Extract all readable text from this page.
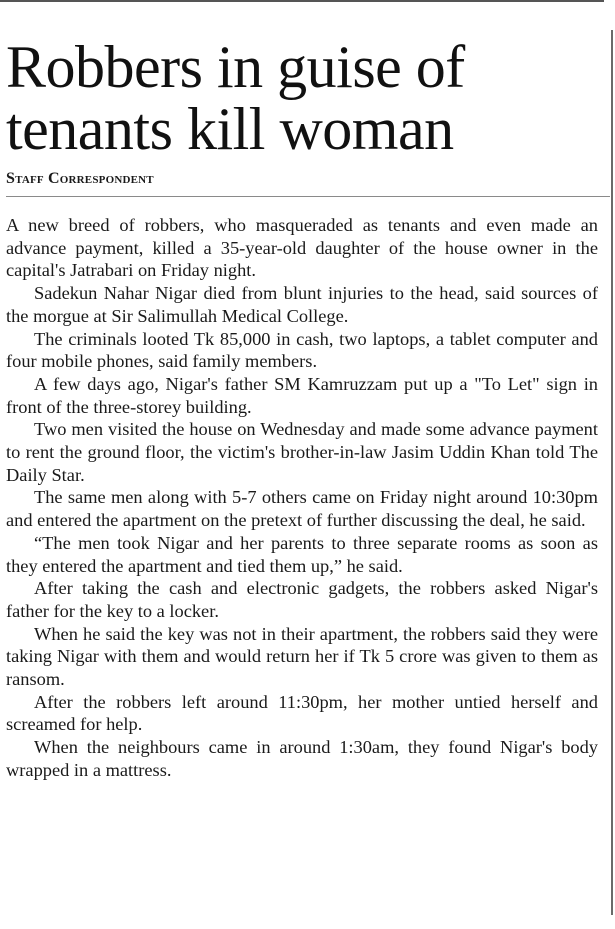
Robbers in guise of
tenants kill woman
Staff Correspondent

A new breed of robbers, who masqueraded as tenants and even made an advance payment, killed a 35-year-old daughter of the house owner in the capital's Jatrabari on Friday night.

Sadekun Nahar Nigar died from blunt injuries to the head, said sources of the morgue at Sir Salimullah Medical College.

The criminals looted Tk 85,000 in cash, two laptops, a tablet computer and four mobile phones, said family members.

A few days ago, Nigar's father SM Kamruzzam put up a "To Let" sign in front of the three-storey building.

Two men visited the house on Wednesday and made some advance payment to rent the ground floor, the victim's brother-in-law Jasim Uddin Khan told The Daily Star.

The same men along with 5-7 others came on Friday night around 10:30pm and entered the apartment on the pretext of further discussing the deal, he said.

“The men took Nigar and her parents to three separate rooms as soon as they entered the apartment and tied them up,” he said.

After taking the cash and electronic gadgets, the robbers asked Nigar's father for the key to a locker.

When he said the key was not in their apartment, the robbers said they were taking Nigar with them and would return her if Tk 5 crore was given to them as ransom.

After the robbers left around 11:30pm, her mother untied herself and screamed for help.

When the neighbours came in around 1:30am, they found Nigar's body wrapped in a mattress.
